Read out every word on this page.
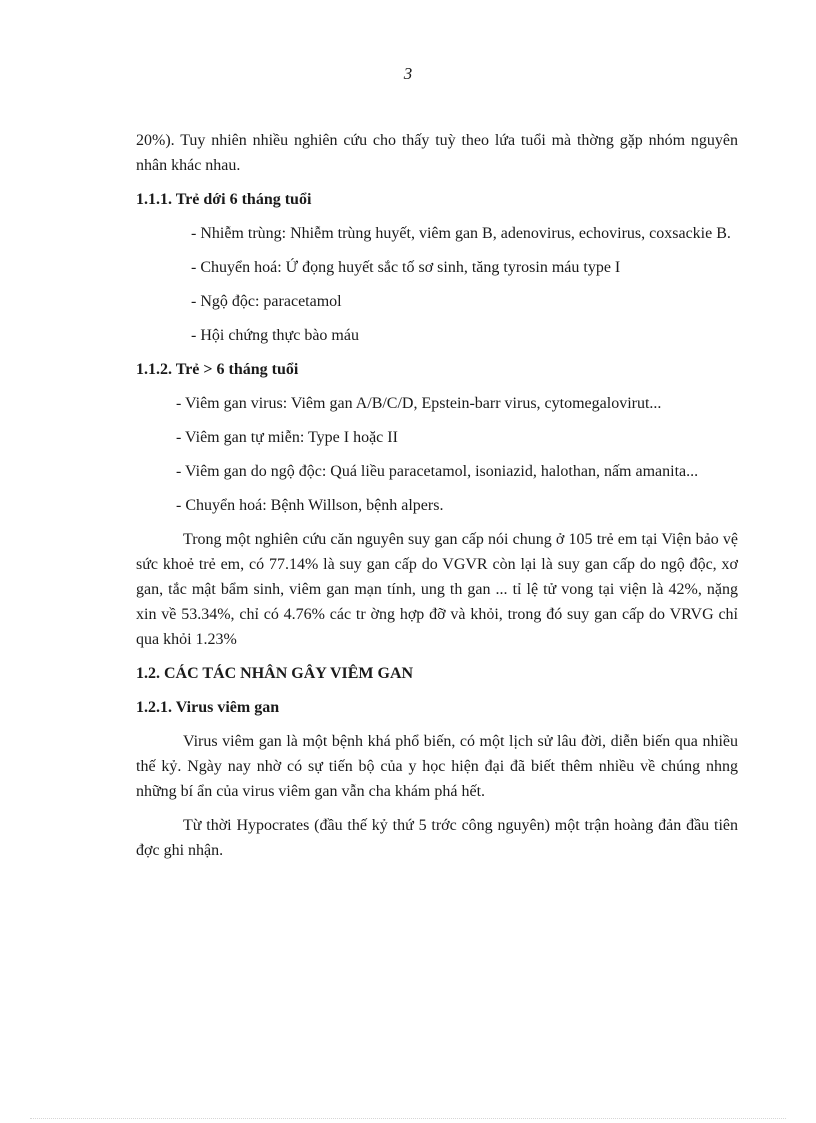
3

20%). Tuy nhiên nhiều nghiên cứu cho thấy tuỳ theo lứa tuổi mà thờng gặp nhóm nguyên nhân khác nhau.

1.1.1. Trẻ dới 6 tháng tuổi

- Nhiễm trùng: Nhiễm trùng huyết, viêm gan B, adenovirus, echovirus, coxsackie B.

- Chuyển hoá: Ứ đọng huyết sắc tố sơ sinh, tăng tyrosin máu type I

- Ngộ độc: paracetamol

- Hội chứng thực bào máu

1.1.2. Trẻ > 6 tháng tuổi

- Viêm gan virus: Viêm gan A/B/C/D, Epstein-barr virus, cytomegalovirut...

- Viêm gan tự miễn: Type I hoặc II

- Viêm gan do ngộ độc: Quá liều paracetamol, isoniazid, halothan, nấm amanita...

- Chuyển hoá: Bệnh Willson, bệnh alpers.

Trong một nghiên cứu căn nguyên suy gan cấp nói chung ở 105 trẻ em tại Viện bảo vệ sức khoẻ trẻ em, có 77.14% là suy gan cấp do VGVR còn lại là suy gan cấp do ngộ độc, xơ gan, tắc mật bẩm sinh, viêm gan mạn tính, ung th gan ... tỉ lệ tử vong tại viện là 42%, nặng xin về 53.34%, chỉ có 4.76% các tr ờng hợp đỡ và khỏi, trong đó suy gan cấp do VRVG chỉ qua khỏi 1.23%

1.2. CÁC TÁC NHÂN GÂY VIÊM GAN

1.2.1. Virus viêm gan

Virus viêm gan là một bệnh khá phổ biến, có một lịch sử lâu đời, diễn biến qua nhiều thế kỷ. Ngày nay nhờ có sự tiến bộ của y học hiện đại đã biết thêm nhiều về chúng nhng những bí ẩn của virus viêm gan vẫn cha khám phá hết.

Từ thời Hypocrates (đầu thế kỷ thứ 5 trớc công nguyên) một trận hoàng đản đầu tiên đợc ghi nhận.
